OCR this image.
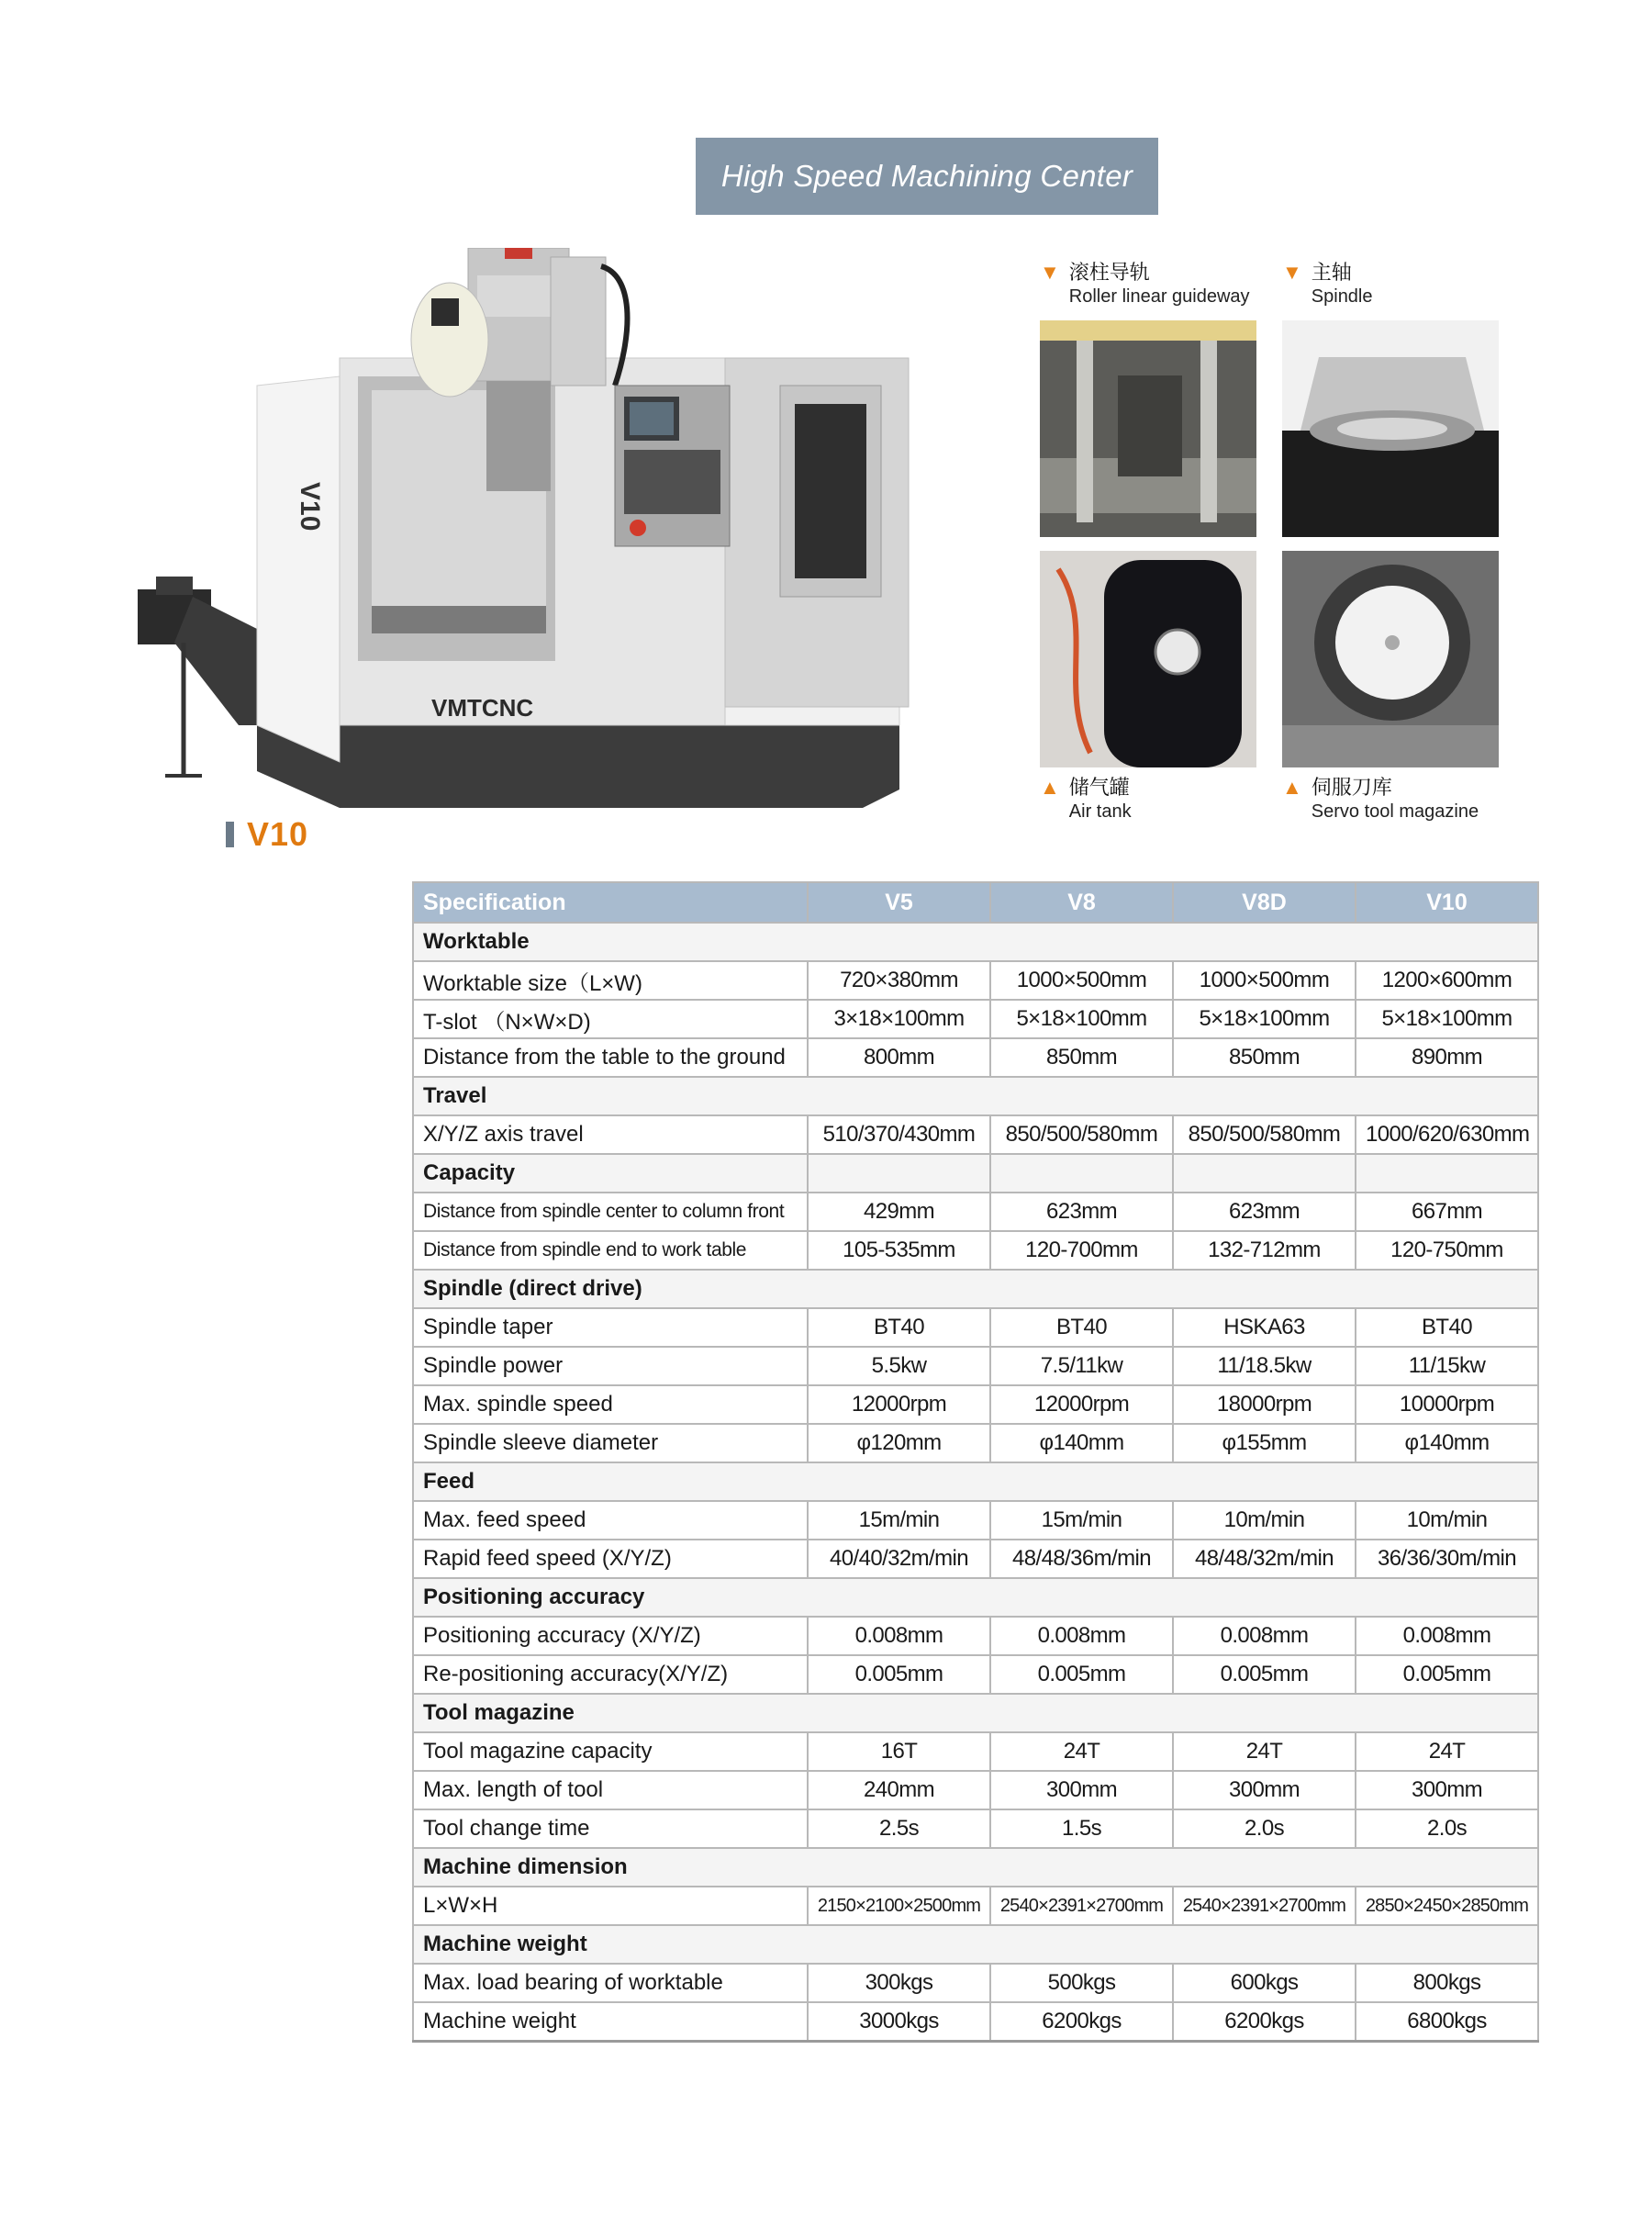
High Speed Machining Center
VMTCNC
V10
V10
▼ 滚柱导轨
Roller linear guideway
▼ 主轴
Spindle
▲ 储气罐
Air tank
▲ 伺服刀库
Servo tool magazine
Specification	V5	V8	V8D	V10
Worktable				
Worktable size（L×W)	720×380mm	1000×500mm	1000×500mm	1200×600mm
T-slot （N×W×D)	3×18×100mm	5×18×100mm	5×18×100mm	5×18×100mm
Distance from the table to the ground	800mm	850mm	850mm	890mm
Travel				
X/Y/Z axis travel	510/370/430mm	850/500/580mm	850/500/580mm	1000/620/630mm
Capacity				
Distance from spindle center to column front	429mm	623mm	623mm	667mm
Distance from spindle end to work table	105-535mm	120-700mm	132-712mm	120-750mm
Spindle (direct drive)				
Spindle taper	BT40	BT40	HSKA63	BT40
Spindle power	5.5kw	7.5/11kw	11/18.5kw	11/15kw
Max. spindle speed	12000rpm	12000rpm	18000rpm	10000rpm
Spindle sleeve diameter	φ120mm	φ140mm	φ155mm	φ140mm
Feed				
Max. feed speed	15m/min	15m/min	10m/min	10m/min
Rapid feed speed (X/Y/Z)	40/40/32m/min	48/48/36m/min	48/48/32m/min	36/36/30m/min
Positioning accuracy				
Positioning accuracy (X/Y/Z)	0.008mm	0.008mm	0.008mm	0.008mm
Re-positioning accuracy(X/Y/Z)	0.005mm	0.005mm	0.005mm	0.005mm
Tool magazine				
Tool magazine capacity	16T	24T	24T	24T
Max. length of tool	240mm	300mm	300mm	300mm
Tool change time	2.5s	1.5s	2.0s	2.0s
Machine dimension				
L×W×H	2150×2100×2500mm	2540×2391×2700mm	2540×2391×2700mm	2850×2450×2850mm
Machine weight				
Max. load bearing of worktable	300kgs	500kgs	600kgs	800kgs
Machine weight	3000kgs	6200kgs	6200kgs	6800kgs
